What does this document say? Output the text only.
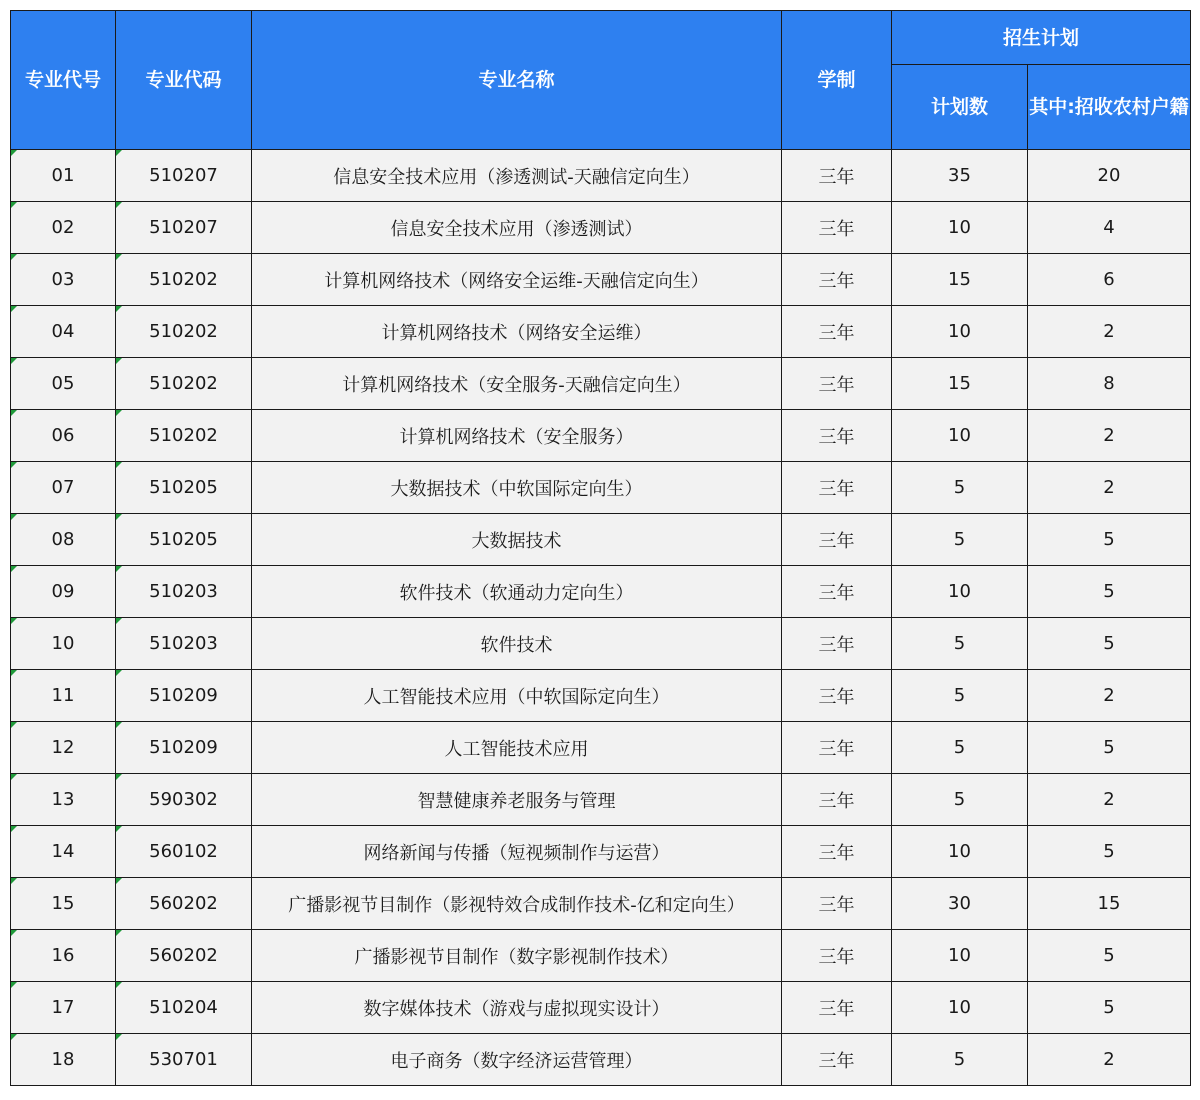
专业代号	专业代码	专业名称	学制	招生计划	
				计划数	其中:招收农村户籍
01	510207	信息安全技术应用（渗透测试-天融信定向生）	三年	35	20
02	510207	信息安全技术应用（渗透测试）	三年	10	4
03	510202	计算机网络技术（网络安全运维-天融信定向生）	三年	15	6
04	510202	计算机网络技术（网络安全运维）	三年	10	2
05	510202	计算机网络技术（安全服务-天融信定向生）	三年	15	8
06	510202	计算机网络技术（安全服务）	三年	10	2
07	510205	大数据技术（中软国际定向生）	三年	5	2
08	510205	大数据技术	三年	5	5
09	510203	软件技术（软通动力定向生）	三年	10	5
10	510203	软件技术	三年	5	5
11	510209	人工智能技术应用（中软国际定向生）	三年	5	2
12	510209	人工智能技术应用	三年	5	5
13	590302	智慧健康养老服务与管理	三年	5	2
14	560102	网络新闻与传播（短视频制作与运营）	三年	10	5
15	560202	广播影视节目制作（影视特效合成制作技术-亿和定向生）	三年	30	15
16	560202	广播影视节目制作（数字影视制作技术）	三年	10	5
17	510204	数字媒体技术（游戏与虚拟现实设计）	三年	10	5
18	530701	电子商务（数字经济运营管理）	三年	5	2
